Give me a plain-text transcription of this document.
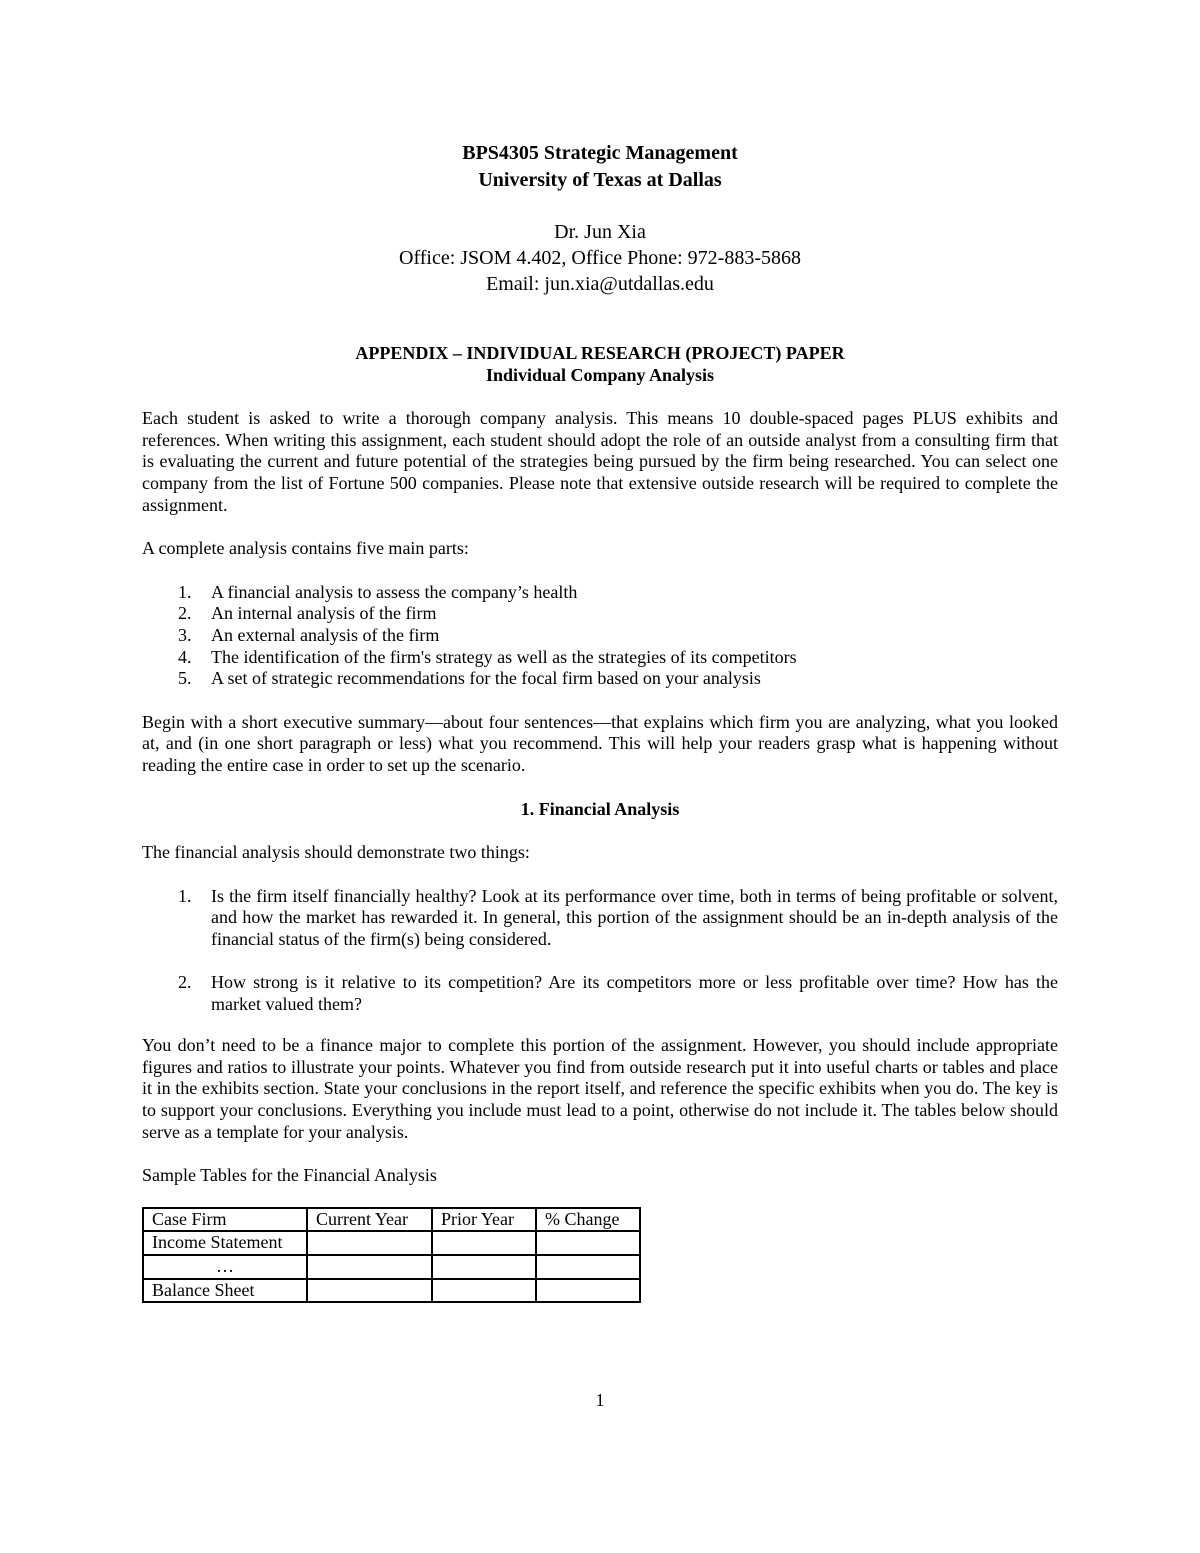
BPS4305 Strategic Management
University of Texas at Dallas
Dr. Jun Xia
Office: JSOM 4.402, Office Phone: 972-883-5868
Email: jun.xia@utdallas.edu
APPENDIX – INDIVIDUAL RESEARCH (PROJECT) PAPER
Individual Company Analysis

Each student is asked to write a thorough company analysis. This means 10 double-spaced pages PLUS exhibits and references. When writing this assignment, each student should adopt the role of an outside analyst from a consulting firm that is evaluating the current and future potential of the strategies being pursued by the firm being researched. You can select one company from the list of Fortune 500 companies. Please note that extensive outside research will be required to complete the assignment.

A complete analysis contains five main parts:

1. A financial analysis to assess the company’s health
2. An internal analysis of the firm
3. An external analysis of the firm
4. The identification of the firm's strategy as well as the strategies of its competitors
5. A set of strategic recommendations for the focal firm based on your analysis

Begin with a short executive summary—about four sentences—that explains which firm you are analyzing, what you looked at, and (in one short paragraph or less) what you recommend. This will help your readers grasp what is happening without reading the entire case in order to set up the scenario.

1. Financial Analysis

The financial analysis should demonstrate two things:

1. Is the firm itself financially healthy? Look at its performance over time, both in terms of being profitable or solvent, and how the market has rewarded it. In general, this portion of the assignment should be an in-depth analysis of the financial status of the firm(s) being considered.
2. How strong is it relative to its competition? Are its competitors more or less profitable over time? How has the market valued them?

You don’t need to be a finance major to complete this portion of the assignment. However, you should include appropriate figures and ratios to illustrate your points. Whatever you find from outside research put it into useful charts or tables and place it in the exhibits section. State your conclusions in the report itself, and reference the specific exhibits when you do. The key is to support your conclusions. Everything you include must lead to a point, otherwise do not include it. The tables below should serve as a template for your analysis.

Sample Tables for the Financial Analysis

Case Firm	Current Year	Prior Year	% Change
Income Statement			
…			
Balance Sheet			
1
